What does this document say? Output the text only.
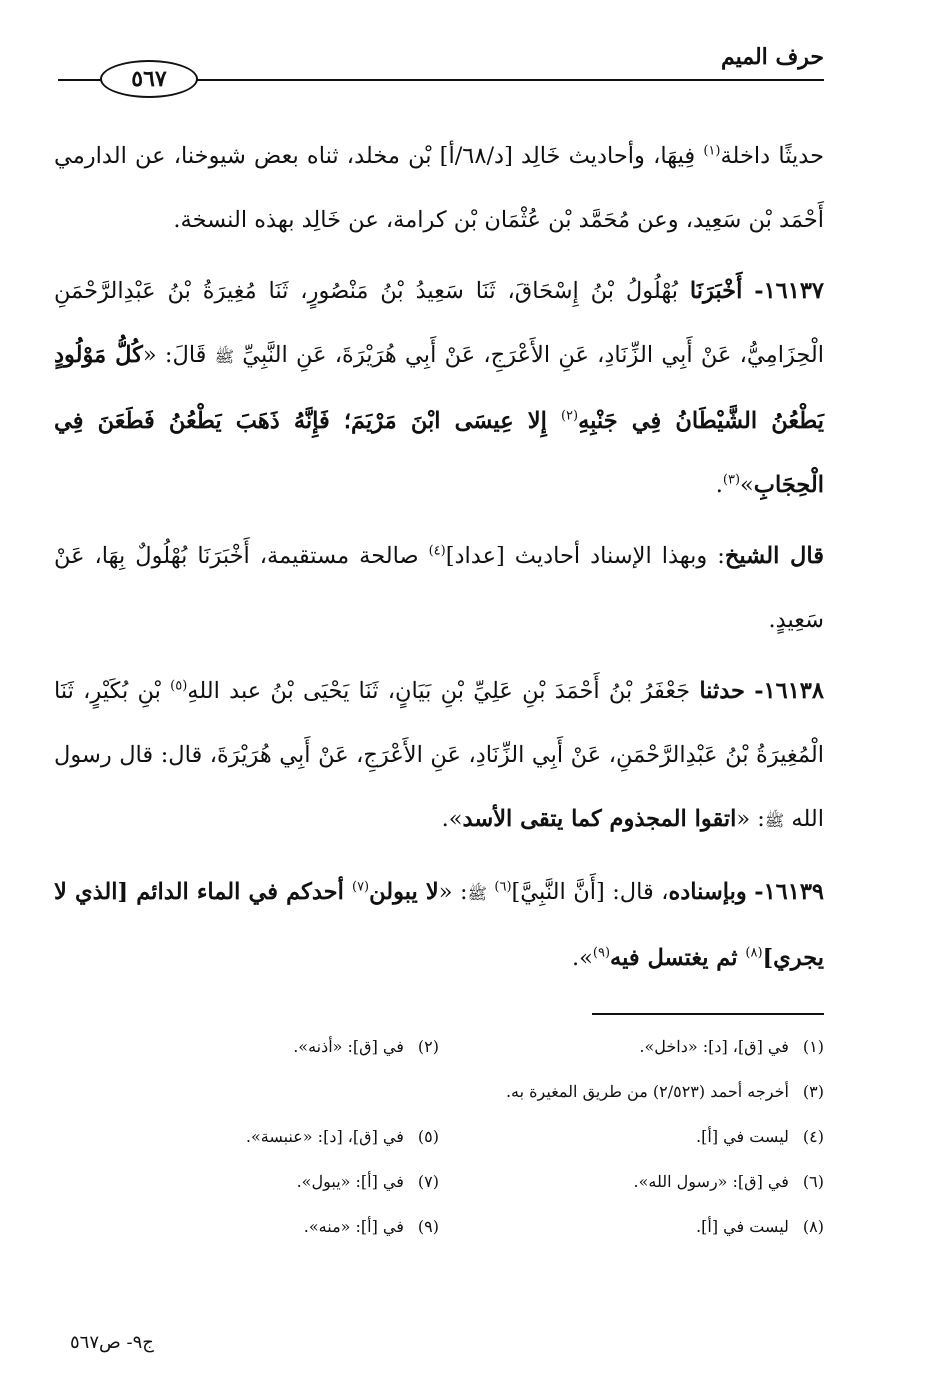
حرف الميم
٥٦٧

حديثًا داخلة$^{(١)}$ فِيهَا، وأحاديث خَالِد [د/٦٨/أ] بْن مخلد، ثناه بعض شيوخنا، عن الدارمي أَحْمَد بْن سَعِيد، وعن مُحَمَّد بْن عُثْمَان بْن كرامة، عن خَالِد بهذه النسخة.

١٦١٣٧- أَخْبَرَنَا بُهْلُولُ بْنُ إِسْحَاقَ، ثَنَا سَعِيدُ بْنُ مَنْصُورٍ، ثَنَا مُغِيرَةُ بْنُ عَبْدِالرَّحْمَنِ الْحِزَامِيُّ، عَنْ أَبِي الزِّنَادِ، عَنِ الأَعْرَجِ، عَنْ أَبِي هُرَيْرَةَ، عَنِ النَّبِيِّ ﷺ قَالَ: «كُلُّ مَوْلُودٍ يَطْعُنُ الشَّيْطَانُ فِي جَنْبِهِ$^{(٢)}$ إِلا عِيسَى ابْنَ مَرْيَمَ؛ فَإِنَّهُ ذَهَبَ يَطْعُنُ فَطَعَنَ فِي الْحِجَابِ»$^{(٣)}$.

قال الشيخ: وبهذا الإسناد أحاديث [عداد]$^{(٤)}$ صالحة مستقيمة، أَخْبَرَنَا بُهْلُولٌ بِهَا، عَنْ سَعِيدٍ.

١٦١٣٨- حدثنا جَعْفَرُ بْنُ أَحْمَدَ بْنِ عَلِيِّ بْنِ بَيَانٍ، ثَنَا يَحْيَى بْنُ عبد اللهِ$^{(٥)}$ بْنِ بُكَيْرٍ، ثَنَا الْمُغِيرَةُ بْنُ عَبْدِالرَّحْمَنِ، عَنْ أَبِي الزِّنَادِ، عَنِ الأَعْرَجِ، عَنْ أَبِي هُرَيْرَةَ، قال: قال رسول الله ﷺ: «اتقوا المجذوم كما يتقى الأسد».

١٦١٣٩- وبإسناده، قال: [أَنَّ النَّبِيَّ]$^{(٦)}$ ﷺ: «لا يبولن$^{(٧)}$ أحدكم في الماء الدائم [الذي لا يجري]$^{(٨)}$ ثم يغتسل فيه$^{(٩)}$».

(١) في [ق]، [د]: «داخل».
(٢) في [ق]: «أذنه».
(٣) أخرجه أحمد (٢/٥٢٣) من طريق المغيرة به.
(٤) ليست في [أ].
(٥) في [ق]، [د]: «عنبسة».
(٦) في [ق]: «رسول الله».
(٧) في [أ]: «يبول».
(٨) ليست في [أ].
(٩) في [أ]: «منه».
ج٩- ص٥٦٧
